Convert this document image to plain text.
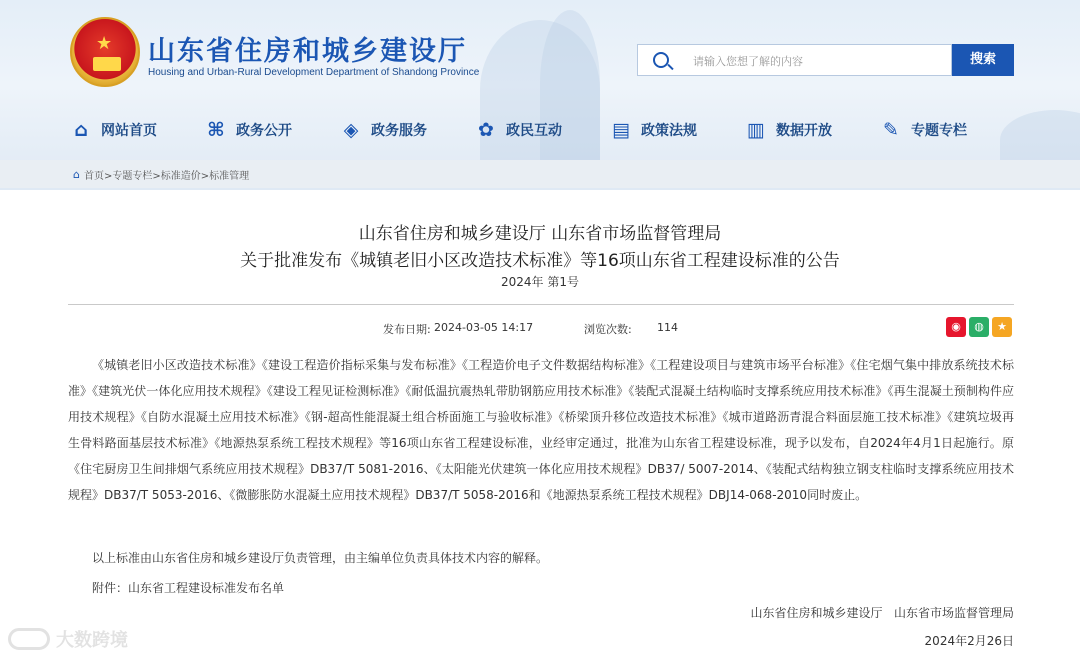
★ 山东省住房和城乡建设厅
Housing and Urban-Rural Development Department of Shandong Province
请输入您想了解的内容
搜索
⌂ 网站首页	⌘ 政务公开	◈ 政务服务	✿ 政民互动	▤ 政策法规	▥ 数据开放	✎ 专题专栏
⌂ 首页>专题专栏>标准造价>标准管理
山东省住房和城乡建设厅 山东省市场监督管理局
关于批准发布《城镇老旧小区改造技术标准》等16项山东省工程建设标准的公告
2024年 第1号
发布日期: 2024-03-05 14:17	浏览次数: 114	◉	◍	★
《城镇老旧小区改造技术标准》《建设工程造价指标采集与发布标准》《工程造价电子文件数据结构标准》《工程建设项目与建筑市场平台标准》《住宅烟气集中排放系统技术标准》《建筑光伏一体化应用技术规程》《建设工程见证检测标准》《耐低温抗震热轧带肋钢筋应用技术标准》《装配式混凝土结构临时支撑系统应用技术标准》《再生混凝土预制构件应用技术规程》《自防水混凝土应用技术标准》《钢-超高性能混凝土组合桥面施工与验收标准》《桥梁顶升移位改造技术标准》《城市道路沥青混合料面层施工技术标准》《建筑垃圾再生骨料路面基层技术标准》《地源热泵系统工程技术规程》等16项山东省工程建设标准，业经审定通过，批准为山东省工程建设标准，现予以发布，自2024年4月1日起施行。原《住宅厨房卫生间排烟气系统应用技术规程》DB37/T 5081-2016、《太阳能光伏建筑一体化应用技术规程》DB37/ 5007-2014、《装配式结构独立钢支柱临时支撑系统应用技术规程》DB37/T 5053-2016、《微膨胀防水混凝土应用技术规程》DB37/T 5058-2016和《地源热泵系统工程技术规程》DBJ14-068-2010同时废止。
以上标准由山东省住房和城乡建设厅负责管理，由主编单位负责具体技术内容的解释。
附件：山东省工程建设标准发布名单
山东省住房和城乡建设厅   山东省市场监督管理局
2024年2月26日
大数跨境
